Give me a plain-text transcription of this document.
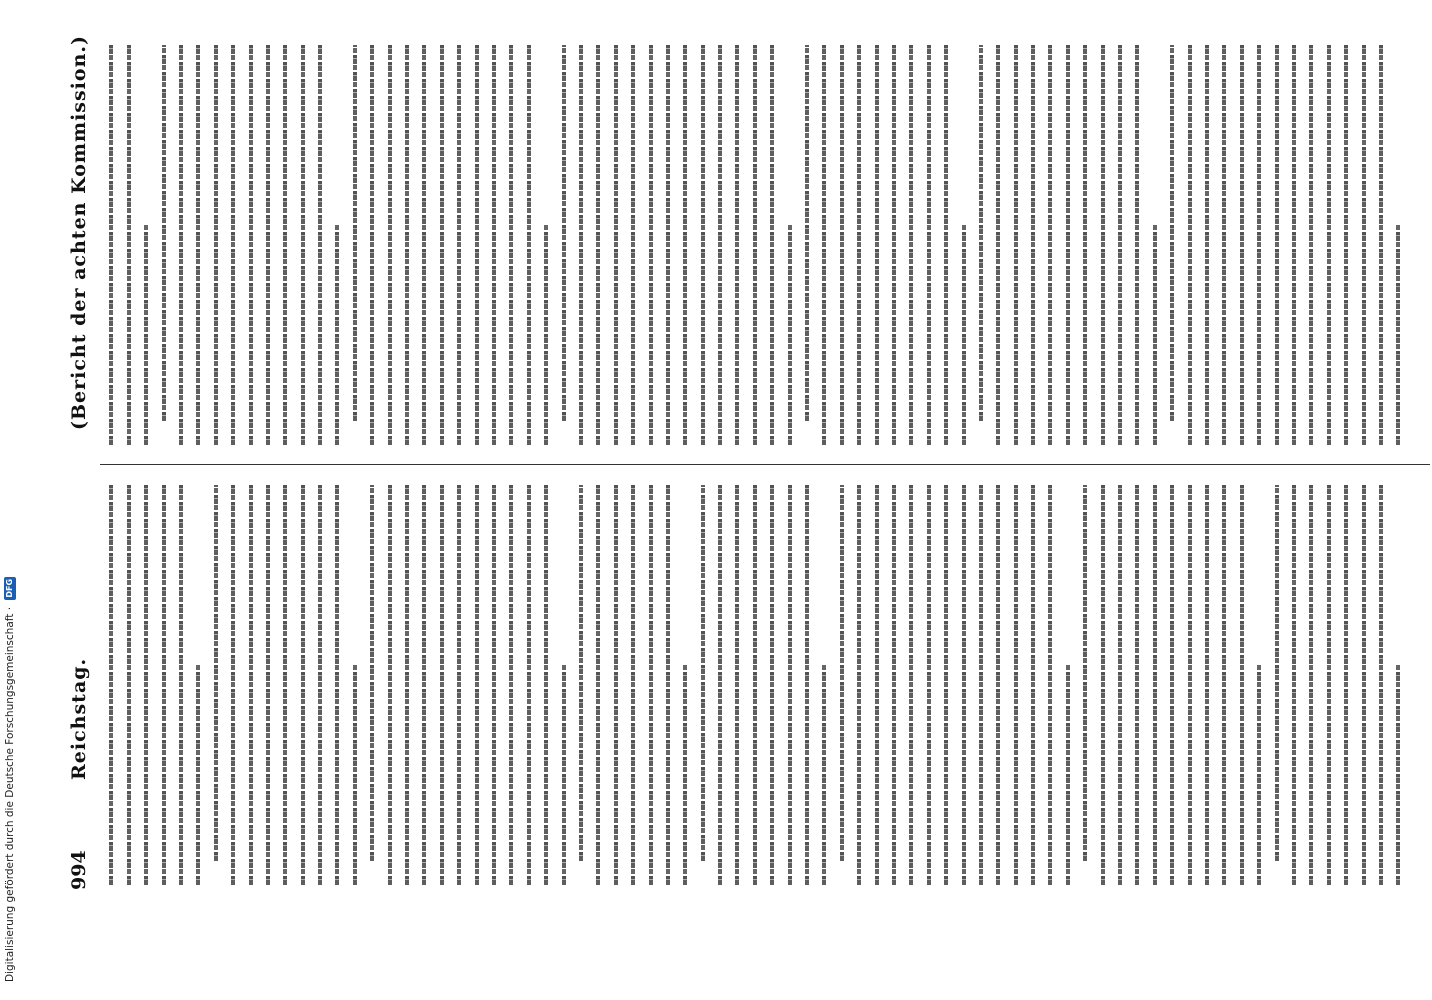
994
Reichstag.
(Bericht der achten Kommission.)
Digitalisierung gefördert durch die Deutsche Forschungsgemeinschaft · DFG
